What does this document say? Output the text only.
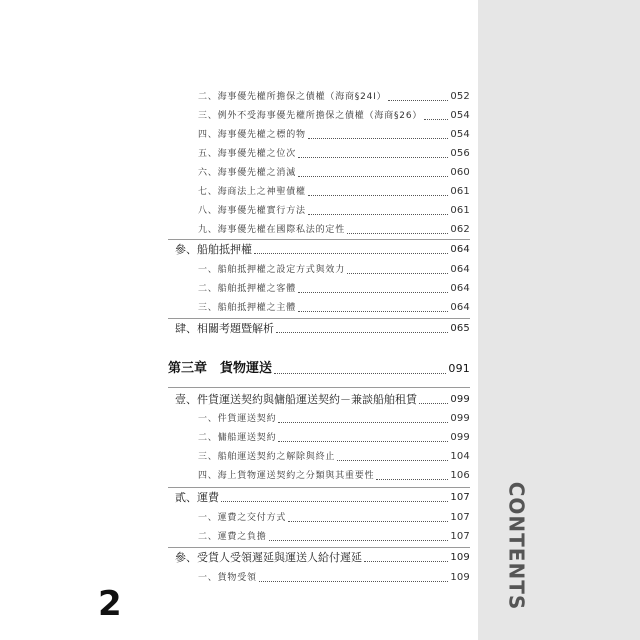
CONTENTS
二、海事優先權所擔保之債權（海商§24Ⅰ）	052
三、例外不受海事優先權所擔保之債權（海商§26）	054
四、海事優先權之標的物	054
五、海事優先權之位次	056
六、海事優先權之消滅	060
七、海商法上之神聖債權	061
八、海事優先權實行方法	061
九、海事優先權在國際私法的定性	062
參、船舶抵押權	064
一、船舶抵押權之設定方式與效力	064
二、船舶抵押權之客體	064
三、船舶抵押權之主體	064
肆、相關考題暨解析	065
第三章　貨物運送	091
壹、件貨運送契約與傭船運送契約－兼談船舶租賃	099
一、件貨運送契約	099
二、傭船運送契約	099
三、船舶運送契約之解除與終止	104
四、海上貨物運送契約之分類與其重要性	106
貳、運費	107
一、運費之交付方式	107
二、運費之負擔	107
參、受貨人受領遲延與運送人給付遲延	109
一、貨物受領	109
2
